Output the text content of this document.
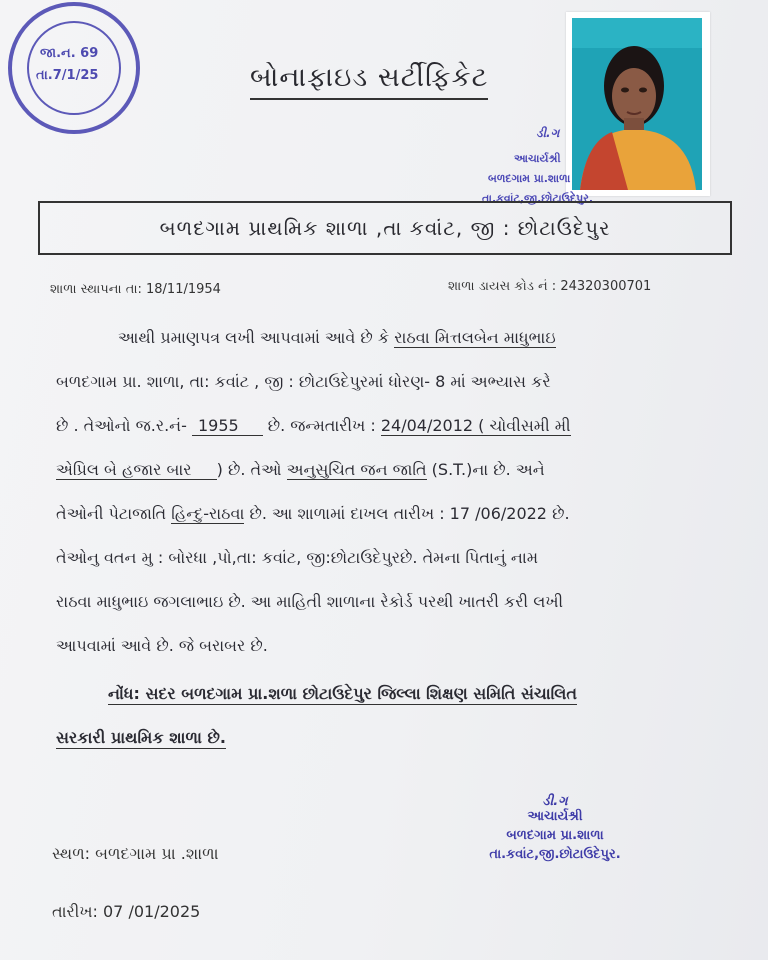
જા.ન. 69
તા.7/1/25	બોનાફાઇડ સર્ટીફિકેટ
ડી.ગ
આચાર્યશ્રી
બળદગામ પ્રા.શાળા
તા.કવાંટ,જી.છોટાઉદેપુર.
બળદગામ પ્રાથમિક શાળા ,તા કવાંટ, જી : છોટાઉદેપુર
શાળા સ્થાપના તા: 18/11/1954	શાળા ડાયસ કોડ નં : 24320300701
આથી પ્રમાણપત્ર લખી આપવામાં આવે છે કે રાઠવા મિત્તલબેન માધુભાઇ
બળદગામ પ્રા. શાળા, તા: કવાંટ , જી : છોટાઉદેપુરમાં ધોરણ- 8 માં અભ્યાસ કરે
છે . તેઓનો જ.ર.નં- 1955 છે. જન્મતારીખ : 24/04/2012 ( ચોવીસમી મી
એપ્રિલ બે હજાર બાર ) છે. તેઓ અનુસુચિત જન જાતિ (S.T.)ના છે. અને
તેઓની પેટાજાતિ હિન્દુ-રાઠવા છે. આ શાળામાં દાખલ તારીખ : 17 /06/2022 છે.
તેઓનુ વતન મુ : બોરધા ,પો,તા: કવાંટ, જી:છોટાઉદેપુરછે. તેમના પિતાનું નામ
રાઠવા માધુભાઇ જગલાભાઇ છે. આ માહિતી શાળાના રેકોર્ડ પરથી ખાતરી કરી લખી
આપવામાં આવે છે. જે બરાબર છે.
નોંધ: સદર બળદગામ પ્રા.શળા છોટાઉદેપુર જિલ્લા શિક્ષણ સમિતિ સંચાલિત
સરકારી પ્રાથમિક શાળા છે.
ડી.ગ
આચાર્યશ્રી
બળદગામ પ્રા.શાળા
તા.કવાંટ,જી.છોટાઉદેપુર.
સ્થળ: બળદગામ પ્રા .શાળા
તારીખ: 07 /01/2025
